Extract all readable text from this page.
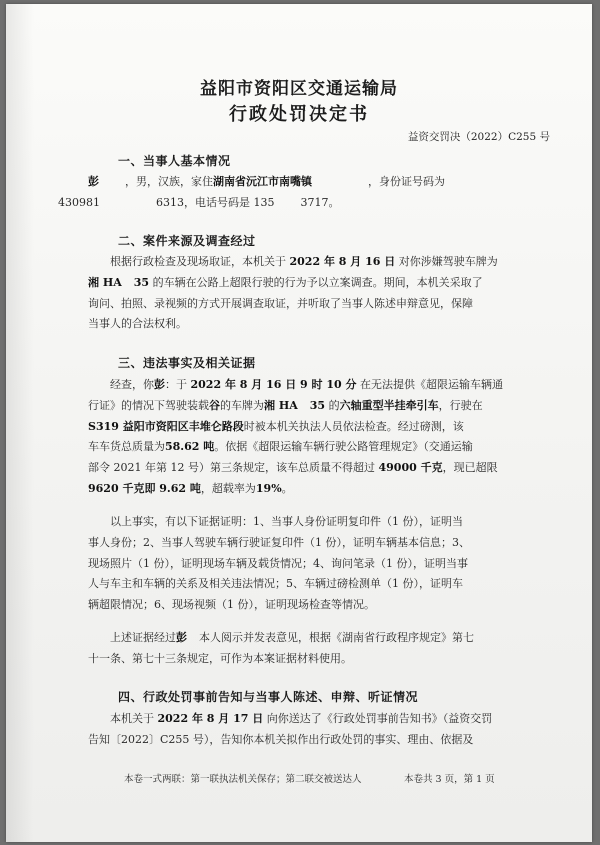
益阳市资阳区交通运输局
行政处罚决定书
益资交罚决（2022）C255 号
一、当事人基本情况
彭 ，男，汉族，家住湖南省沅江市南嘴镇	，身份证号码为
430981	6313，电话号码是 135 3717。
二、案件来源及调查经过
根据行政检查及现场取证，本机关于 2022 年 8 月 16 日 对你涉嫌驾驶车牌为
湘 HA 35 的车辆在公路上超限行驶的行为予以立案调查。期间，本机关采取了
询问、拍照、录视频的方式开展调查取证，并听取了当事人陈述申辩意见，保障
当事人的合法权利。
三、违法事实及相关证据
经查，你彭：于 2022 年 8 月 16 日 9 时 10 分 在无法提供《超限运输车辆通
行证》的情况下驾驶装载谷的车牌为湘 HA 35 的六轴重型半挂牵引车，行驶在
S319 益阳市资阳区丰堆仑路段时被本机关执法人员依法检查。经过磅测，该
车车货总质量为58.62 吨。依据《超限运输车辆行驶公路管理规定》（交通运输
部令 2021 年第 12 号）第三条规定，该车总质量不得超过 49000 千克，现已超限
9620 千克即 9.62 吨，超载率为19%。
以上事实，有以下证据证明：1、当事人身份证明复印件（1 份），证明当
事人身份；2、当事人驾驶车辆行驶证复印件（1 份），证明车辆基本信息；3、
现场照片（1 份），证明现场车辆及载货情况；4、询问笔录（1 份），证明当事
人与车主和车辆的关系及相关违法情况；5、车辆过磅检测单（1 份），证明车
辆超限情况；6、现场视频（1 份），证明现场检查等情况。
上述证据经过彭 本人阅示并发表意见，根据《湖南省行政程序规定》第七
十一条、第七十三条规定，可作为本案证据材料使用。
四、行政处罚事前告知与当事人陈述、申辩、听证情况
本机关于 2022 年 8 月 17 日 向你送达了《行政处罚事前告知书》（益资交罚
告知〔2022〕C255 号），告知你本机关拟作出行政处罚的事实、理由、依据及
本卷一式两联：第一联执法机关保存；第二联交被送达人	本卷共 3 页，第 1 页
